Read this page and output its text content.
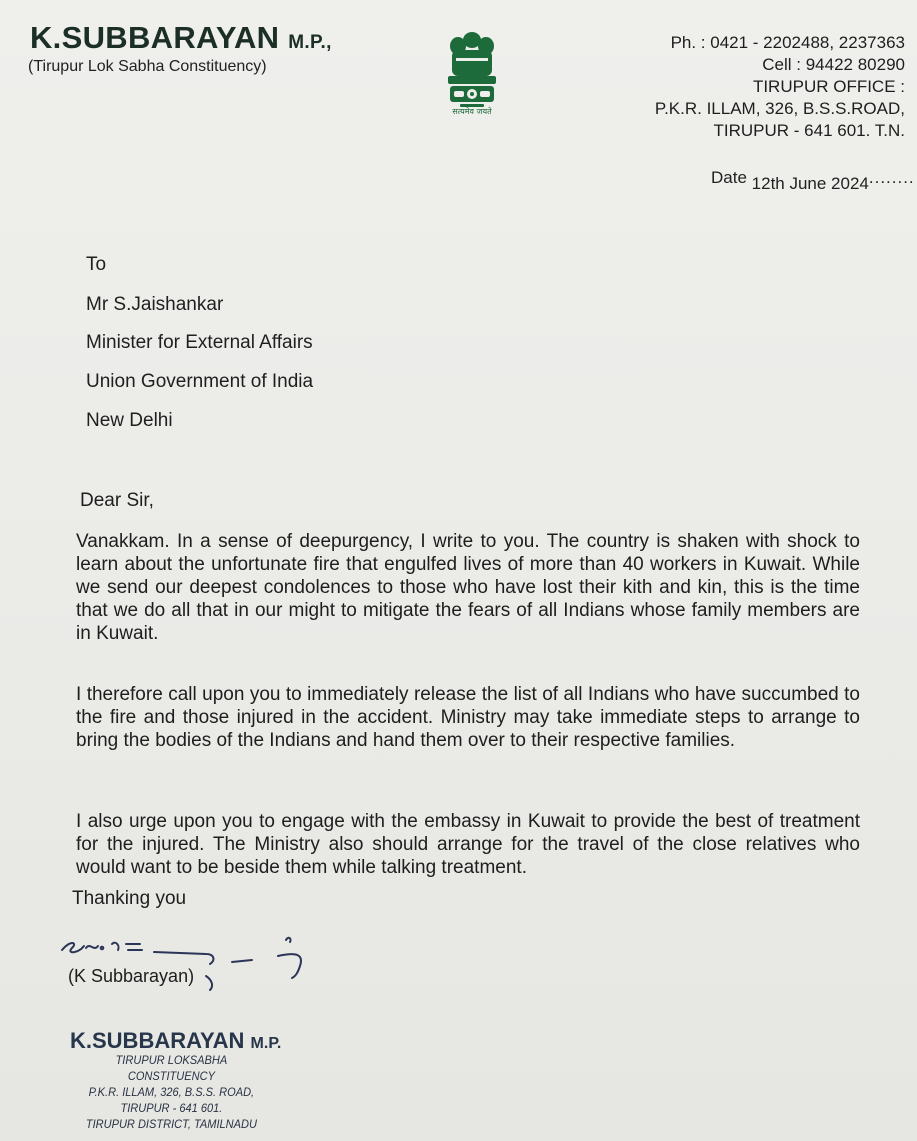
K.SUBBARAYAN M.P.,
(Tirupur Lok Sabha Constituency)
सत्यमेव जयते
Ph. : 0421 - 2202488, 2237363
Cell : 94422 80290
TIRUPUR OFFICE :
P.K.R. ILLAM, 326, B.S.S.ROAD,
TIRUPUR - 641 601. T.N.
Date 12th June 2024........
To
Mr S.Jaishankar
Minister for External Affairs
Union Government of India
New Delhi
Dear Sir,

Vanakkam. In a sense of deepurgency, I write to you. The country is shaken with shock to learn about the unfortunate fire that engulfed lives of more than 40 workers in Kuwait. While we send our deepest condolences to those who have lost their kith and kin, this is the time that we do all that in our might to mitigate the fears of all Indians whose family members are in Kuwait.

I therefore call upon you to immediately release the list of all Indians who have succumbed to the fire and those injured in the accident. Ministry may take immediate steps to arrange to bring the bodies of the Indians and hand them over to their respective families.

I also urge upon you to engage with the embassy in Kuwait to provide the best of treatment for the injured. The Ministry also should arrange for the travel of the close relatives who would want to be beside them while talking treatment.

Thanking you
(K Subbarayan)
K.SUBBARAYAN M.P.
TIRUPUR LOKSABHA CONSTITUENCY
P.K.R. ILLAM, 326, B.S.S. ROAD,
TIRUPUR - 641 601.
TIRUPUR DISTRICT, TAMILNADU
